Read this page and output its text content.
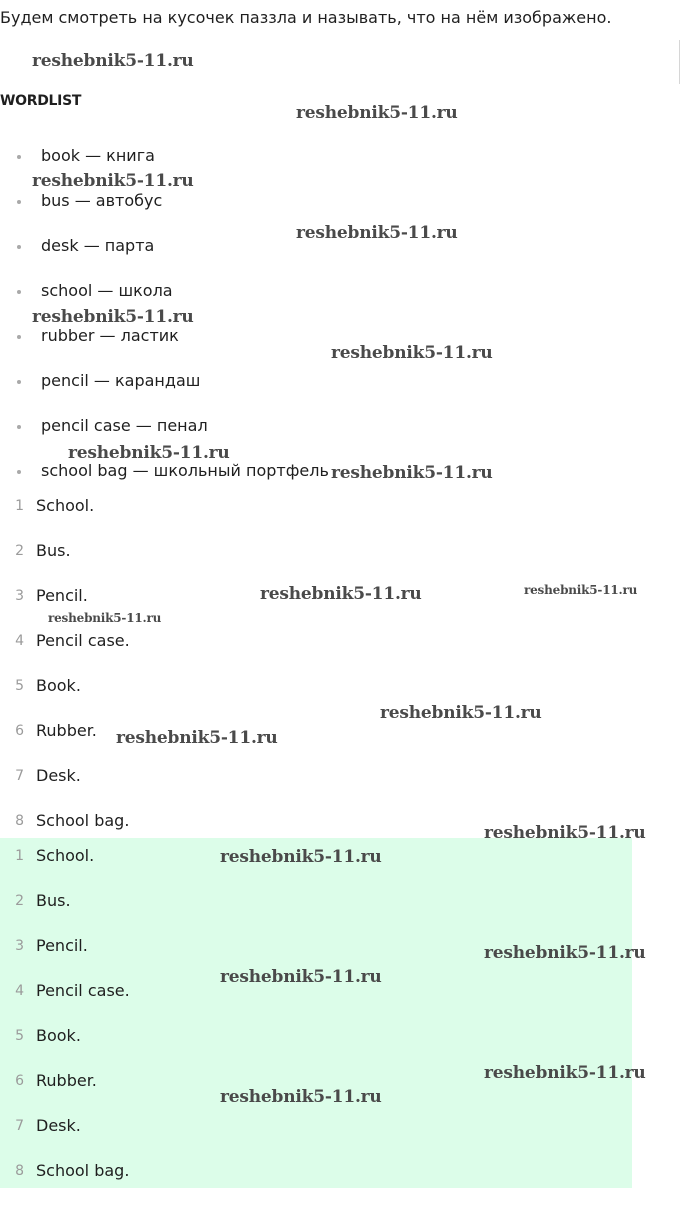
Будем смотреть на кусочек паззла и называть, что на нём изображено.
WORDLIST
book — книга
bus — автобус
desk — парта
school — школа
rubber — ластик
pencil — карандаш
pencil case — пенал
school bag — школьный портфель
1 School.
2 Bus.
3 Pencil.
4 Pencil case.
5 Book.
6 Rubber.
7 Desk.
8 School bag.
1 School.
2 Bus.
3 Pencil.
4 Pencil case.
5 Book.
6 Rubber.
7 Desk.
8 School bag.
reshebnik5-11.ru
reshebnik5-11.ru
reshebnik5-11.ru
reshebnik5-11.ru
reshebnik5-11.ru
reshebnik5-11.ru
reshebnik5-11.ru
reshebnik5-11.ru
reshebnik5-11.ru	reshebnik5-11.ru
reshebnik5-11.ru
reshebnik5-11.ru
reshebnik5-11.ru
reshebnik5-11.ru
reshebnik5-11.ru
reshebnik5-11.ru
reshebnik5-11.ru
reshebnik5-11.ru
reshebnik5-11.ru
